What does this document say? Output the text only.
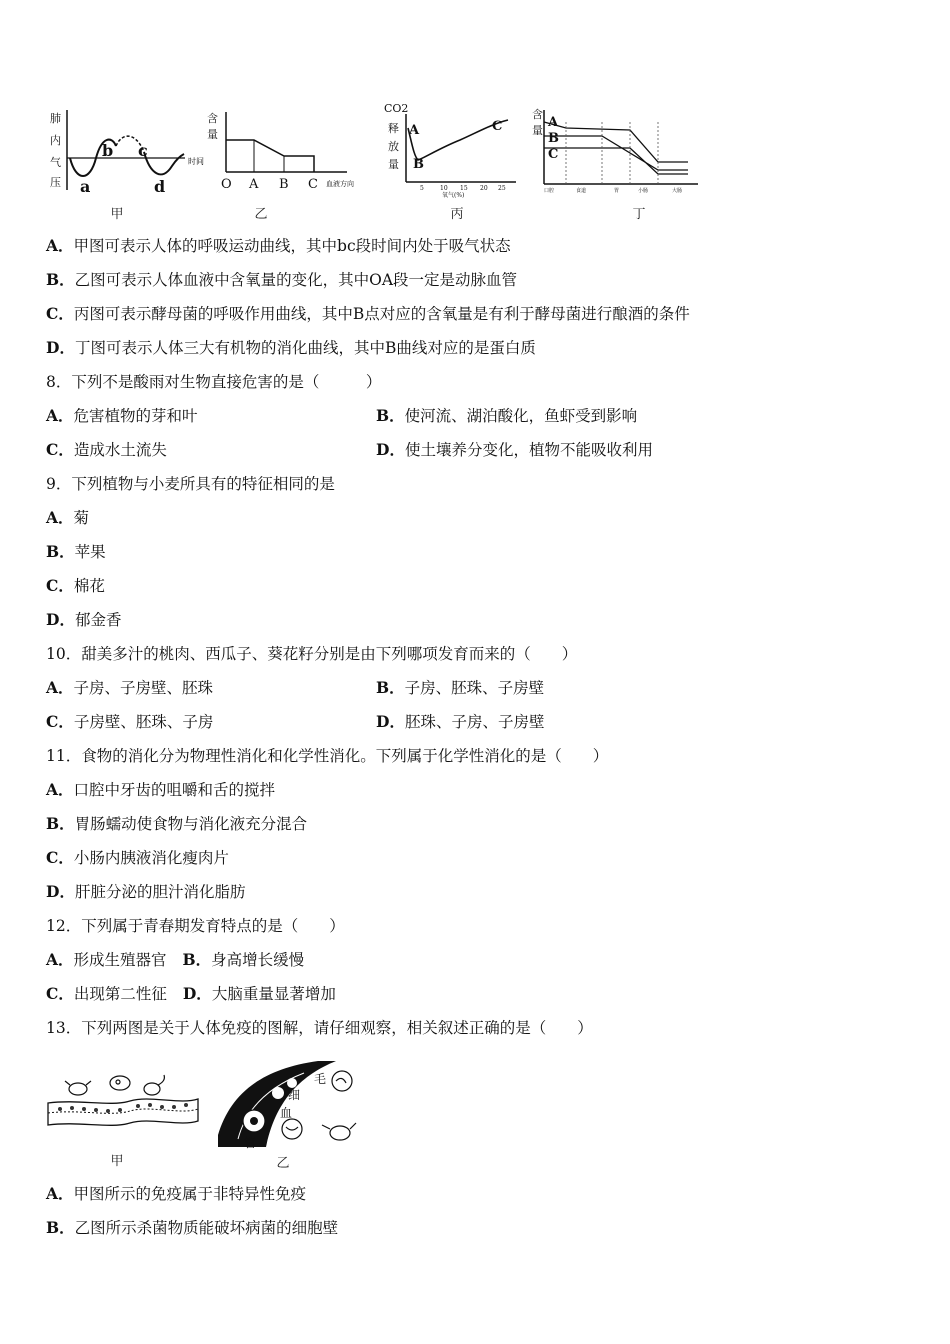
肺
内
气
压 a
b c
d
时间
甲
含
量
O A B C 血液方向
乙
CO2
释
放
量
A
B
C
5	10 15 20 25
氧气(%)
丙
含
量
A
B
C
口腔	食道	胃	小肠	大肠
丁
A．甲图可表示人体的呼吸运动曲线，其中bc段时间内处于吸气状态
B．乙图可表示人体血液中含氧量的变化，其中OA段一定是动脉血管
C．丙图可表示酵母菌的呼吸作用曲线，其中B点对应的含氧量是有利于酵母菌进行酿酒的条件
D．丁图可表示人体三大有机物的消化曲线，其中B曲线对应的是蛋白质
8．下列不是酸雨对生物直接危害的是（　　　）
A．危害植物的芽和叶	B．使河流、湖泊酸化，鱼虾受到影响
C．造成水土流失	D．使土壤养分变化，植物不能吸收利用
9．下列植物与小麦所具有的特征相同的是
A．菊
B．苹果
C．棉花
D．郁金香
10．甜美多汁的桃肉、西瓜子、葵花籽分别是由下列哪项发育而来的（　　）
A．子房、子房壁、胚珠	B．子房、胚珠、子房壁
C．子房壁、胚珠、子房	D．胚珠、子房、子房壁
11．食物的消化分为物理性消化和化学性消化。下列属于化学性消化的是（　　）
A．口腔中牙齿的咀嚼和舌的搅拌
B．胃肠蠕动使食物与消化液充分混合
C．小肠内胰液消化瘦肉片
D．肝脏分泌的胆汁消化脂肪
12．下列属于青春期发育特点的是（　　）
A．形成生殖器官 B．身高增长缓慢
C．出现第二性征 D．大脑重量显著增加
13．下列两图是关于人体免疫的图解，请仔细观察，相关叙述正确的是（　　）
毛
细
血
管
甲	乙
A．甲图所示的免疫属于非特异性免疫
B．乙图所示杀菌物质能破坏病菌的细胞壁
